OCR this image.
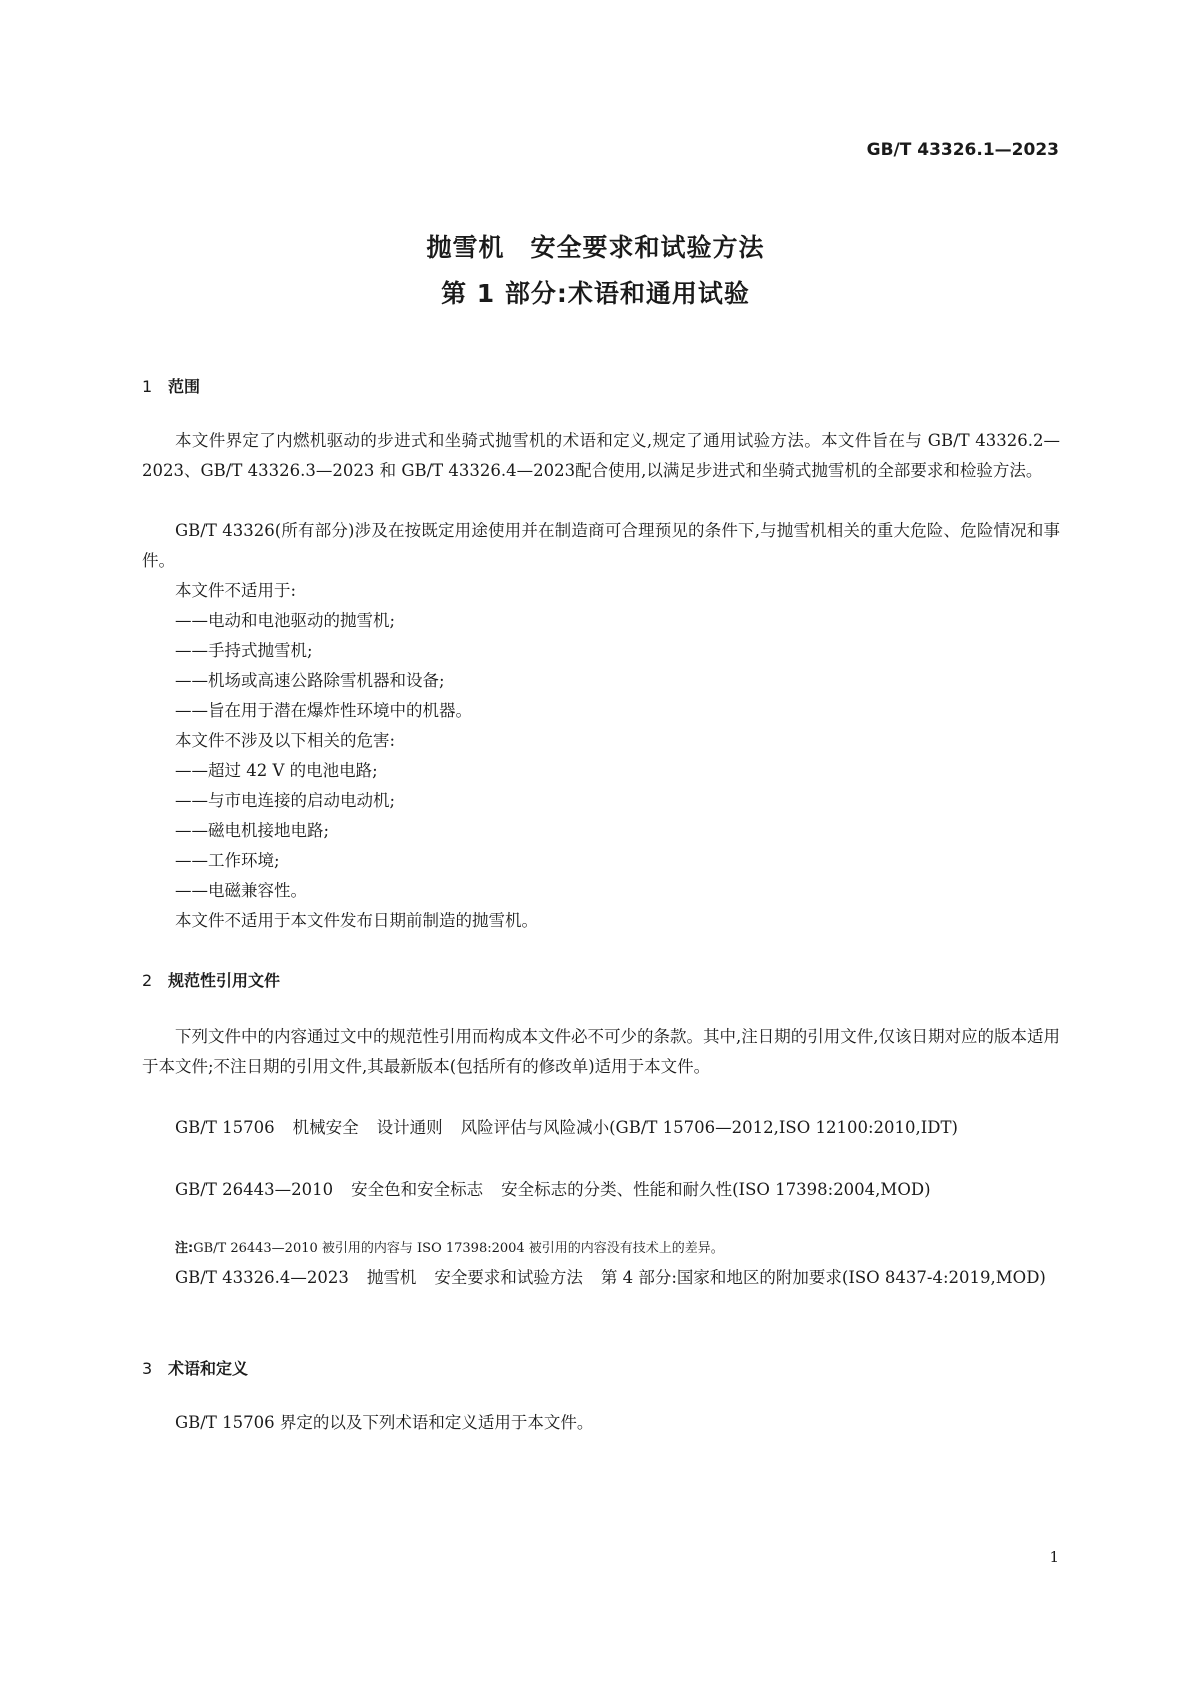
GB/T 43326.1—2023
抛雪机 安全要求和试验方法
第 1 部分:术语和通用试验
1 范围
本文件界定了内燃机驱动的步进式和坐骑式抛雪机的术语和定义,规定了通用试验方法。本文件旨在与 GB/T 43326.2—2023、GB/T 43326.3—2023 和 GB/T 43326.4—2023配合使用,以满足步进式和坐骑式抛雪机的全部要求和检验方法。
GB/T 43326(所有部分)涉及在按既定用途使用并在制造商可合理预见的条件下,与抛雪机相关的重大危险、危险情况和事件。
本文件不适用于:
——电动和电池驱动的抛雪机;
——手持式抛雪机;
——机场或高速公路除雪机器和设备;
——旨在用于潜在爆炸性环境中的机器。
本文件不涉及以下相关的危害:
——超过 42 V 的电池电路;
——与市电连接的启动电动机;
——磁电机接地电路;
——工作环境;
——电磁兼容性。
本文件不适用于本文件发布日期前制造的抛雪机。
2 规范性引用文件
下列文件中的内容通过文中的规范性引用而构成本文件必不可少的条款。其中,注日期的引用文件,仅该日期对应的版本适用于本文件;不注日期的引用文件,其最新版本(包括所有的修改单)适用于本文件。
GB/T 15706 机械安全 设计通则 风险评估与风险减小(GB/T 15706—2012,ISO 12100:2010,IDT)
GB/T 26443—2010 安全色和安全标志 安全标志的分类、性能和耐久性(ISO 17398:2004,MOD)
注:GB/T 26443—2010 被引用的内容与 ISO 17398:2004 被引用的内容没有技术上的差异。
GB/T 43326.4—2023 抛雪机 安全要求和试验方法 第 4 部分:国家和地区的附加要求(ISO 8437-4:2019,MOD)
3 术语和定义
GB/T 15706 界定的以及下列术语和定义适用于本文件。
1
